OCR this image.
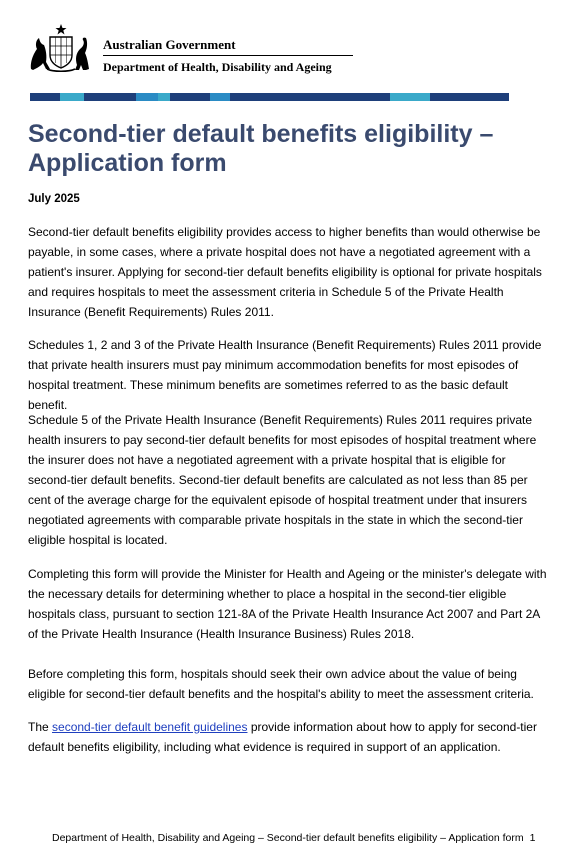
Australian Government
Department of Health, Disability and Ageing
Second-tier default benefits eligibility – Application form
July 2025

Second-tier default benefits eligibility provides access to higher benefits than would otherwise be payable, in some cases, where a private hospital does not have a negotiated agreement with a patient's insurer. Applying for second-tier default benefits eligibility is optional for private hospitals and requires hospitals to meet the assessment criteria in Schedule 5 of the Private Health Insurance (Benefit Requirements) Rules 2011.

Schedules 1, 2 and 3 of the Private Health Insurance (Benefit Requirements) Rules 2011 provide that private health insurers must pay minimum accommodation benefits for most episodes of hospital treatment. These minimum benefits are sometimes referred to as the basic default benefit.

Schedule 5 of the Private Health Insurance (Benefit Requirements) Rules 2011 requires private health insurers to pay second-tier default benefits for most episodes of hospital treatment where the insurer does not have a negotiated agreement with a private hospital that is eligible for second-tier default benefits. Second-tier default benefits are calculated as not less than 85 per cent of the average charge for the equivalent episode of hospital treatment under that insurers negotiated agreements with comparable private hospitals in the state in which the second-tier eligible hospital is located.

Completing this form will provide the Minister for Health and Ageing or the minister's delegate with the necessary details for determining whether to place a hospital in the second-tier eligible hospitals class, pursuant to section 121-8A of the Private Health Insurance Act 2007 and Part 2A of the Private Health Insurance (Health Insurance Business) Rules 2018.

Before completing this form, hospitals should seek their own advice about the value of being eligible for second-tier default benefits and the hospital's ability to meet the assessment criteria.

The second-tier default benefit guidelines provide information about how to apply for second-tier default benefits eligibility, including what evidence is required in support of an application.

Department of Health, Disability and Ageing – Second-tier default benefits eligibility – Application form 1
